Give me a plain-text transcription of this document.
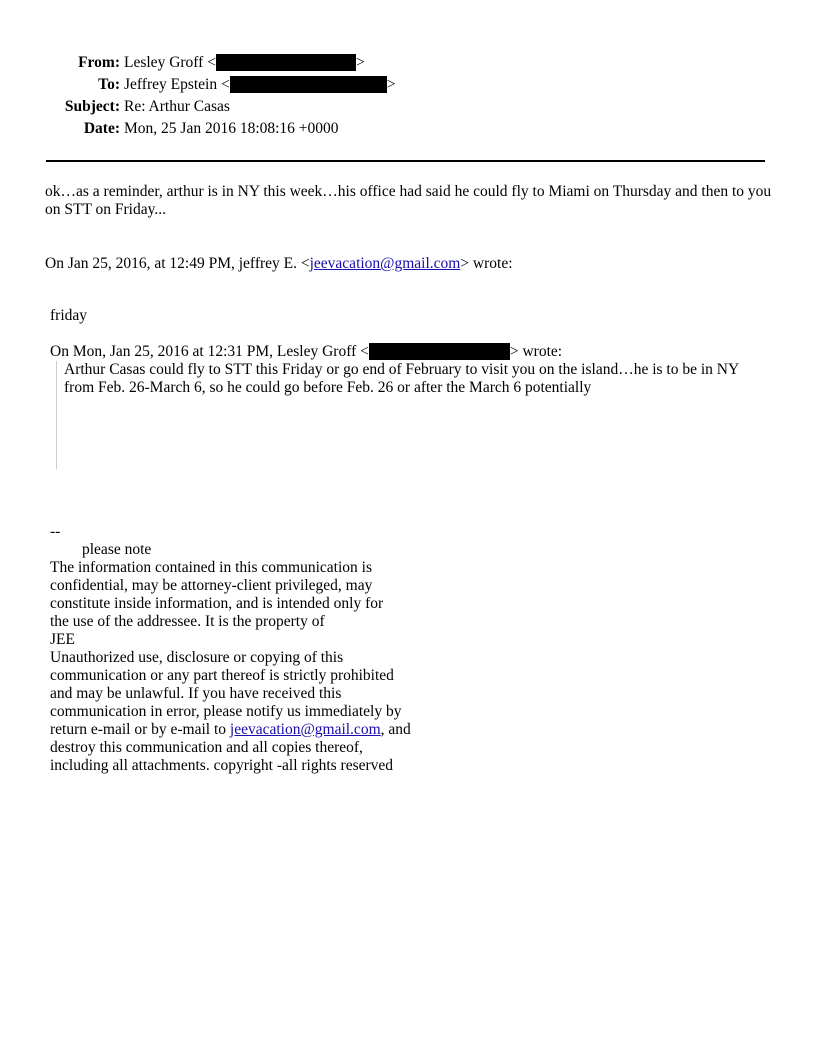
From: Lesley Groff <	>
To: Jeffrey Epstein <	>
Subject: Re: Arthur Casas
Date: Mon, 25 Jan 2016 18:08:16 +0000
ok…as a reminder, arthur is in NY this week…his office had said he could fly to Miami on Thursday and then to you on STT on Friday...
On Jan 25, 2016, at 12:49 PM, jeffrey E. <jeevacation@gmail.com> wrote:
friday
On Mon, Jan 25, 2016 at 12:31 PM, Lesley Groff <	> wrote:
Arthur Casas could fly to STT this Friday or go end of February to visit you on the island…he is to be in NY from Feb. 26-March 6, so he could go before Feb. 26 or after the March 6 potentially
--
please note
The information contained in this communication is
confidential, may be attorney-client privileged, may
constitute inside information, and is intended only for
the use of the addressee. It is the property of
JEE
Unauthorized use, disclosure or copying of this
communication or any part thereof is strictly prohibited
and may be unlawful. If you have received this
communication in error, please notify us immediately by
return e-mail or by e-mail to jeevacation@gmail.com, and
destroy this communication and all copies thereof,
including all attachments. copyright -all rights reserved
